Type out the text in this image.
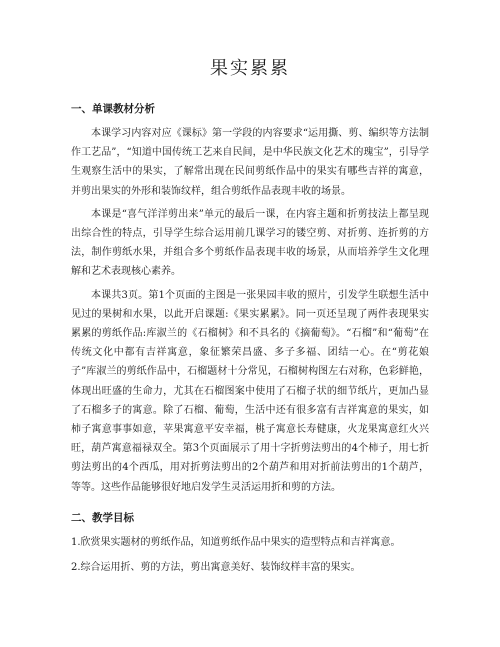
果实累累
一、单课教材分析

本课学习内容对应《课标》第一学段的内容要求“运用撕、剪、编织等方法制作工艺品”，“知道中国传统工艺来自民间，是中华民族文化艺术的瑰宝”，引导学生观察生活中的果实，了解常出现在民间剪纸作品中的果实有哪些吉祥的寓意，并剪出果实的外形和装饰纹样，组合剪纸作品表现丰收的场景。

本课是“喜气洋洋剪出来”单元的最后一课，在内容主题和折剪技法上都呈现出综合性的特点，引导学生综合运用前几课学习的镂空剪、对折剪、连折剪的方法，制作剪纸水果，并组合多个剪纸作品表现丰收的场景，从而培养学生文化理解和艺术表现核心素养。

本课共3页。第1个页面的主图是一张果园丰收的照片，引发学生联想生活中见过的果树和水果，以此开启课题:《果实累累》。同一页还呈现了两件表现果实累累的剪纸作品:库淑兰的《石榴树》和不具名的《摘葡萄》。“石榴”和“葡萄”在传统文化中都有吉祥寓意，象征繁荣昌盛、多子多福、团结一心。在“剪花娘子”库淑兰的剪纸作品中，石榴题材十分常见，石榴树构图左右对称，色彩鲜艳，体现出旺盛的生命力，尤其在石榴图案中使用了石榴子状的细节纸片，更加凸显了石榴多子的寓意。除了石榴、葡萄，生活中还有很多富有吉祥寓意的果实，如柿子寓意事事如意，苹果寓意平安幸福，桃子寓意长寿健康，火龙果寓意红火兴旺，葫芦寓意福禄双全。第3个页面展示了用十字折剪法剪出的4个柿子，用七折剪法剪出的4个西瓜，用对折剪法剪出的2个葫芦和用对折前法剪出的1个葫芦，等等。这些作品能够很好地启发学生灵活运用折和剪的方法。

二、教学目标

1.欣赏果实题材的剪纸作品，知道剪纸作品中果实的造型特点和吉祥寓意。

2.综合运用折、剪的方法，剪出寓意美好、装饰纹样丰富的果实。
